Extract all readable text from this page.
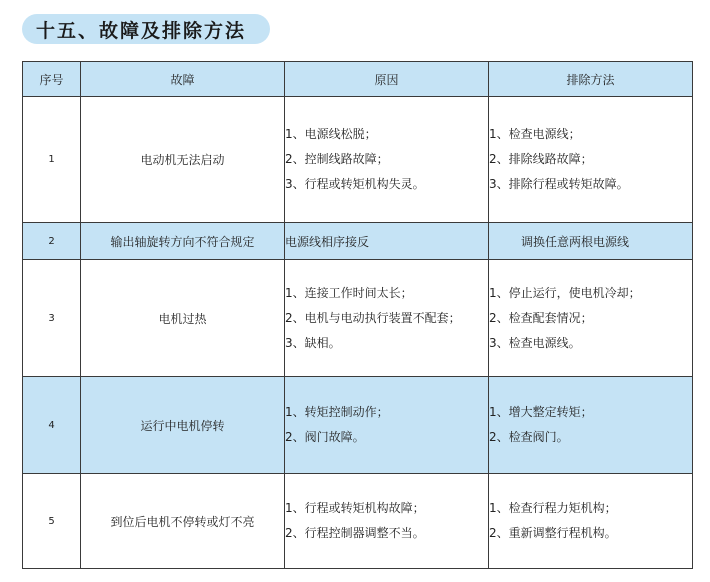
十五、故障及排除方法
序号	故障	原因	排除方法
1	电动机无法启动	1、电源线松脱；
2、控制线路故障；
3、行程或转矩机构失灵。	1、检查电源线；
2、排除线路故障；
3、排除行程或转矩故障。

2	输出轴旋转方向不符合规定	电源线相序接反	调换任意两根电源线
3	电机过热	1、连接工作时间太长；
2、电机与电动执行装置不配套；
3、缺相。	1、停止运行，使电机冷却；
2、检查配套情况；
3、检查电源线。

4	运行中电机停转	1、转矩控制动作；
2、阀门故障。	1、增大整定转矩；
2、检查阀门。

5	到位后电机不停转或灯不亮	1、行程或转矩机构故障；
2、行程控制器调整不当。	1、检查行程力矩机构；
2、重新调整行程机构。
